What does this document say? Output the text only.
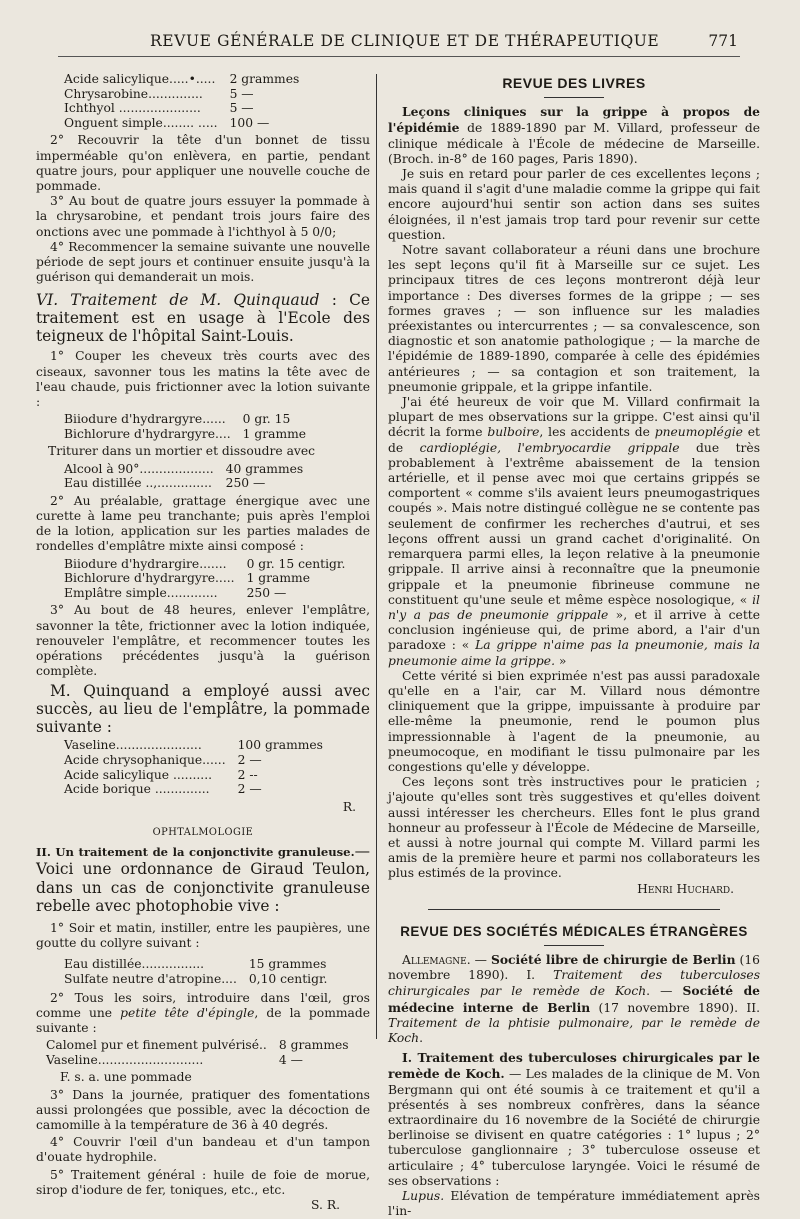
REVUE GÉNÉRALE DE CLINIQUE ET DE THÉRAPEUTIQUE	771
Acide salicylique.....•.....	2 grammes
Chrysarobine..............	5 —
Ichthyol .....................	5 —
Onguent simple........ .....	100 —

2° Recouvrir la tête d'un bonnet de tissu imperméable qu'on enlèvera, en partie, pendant quatre jours, pour appliquer une nouvelle couche de pommade.

3° Au bout de quatre jours essuyer la pommade à la chrysarobine, et pendant trois jours faire des onctions avec une pommade à l'ichthyol à 5 0/0;

4° Recommencer la semaine suivante une nouvelle période de sept jours et continuer ensuite jusqu'à la guérison qui demanderait un mois.

VI. Traitement de M. Quinquaud : Ce traitement est en usage à l'Ecole des teigneux de l'hôpital Saint-Louis.

1° Couper les cheveux très courts avec des ciseaux, savonner tous les matins la tête avec de l'eau chaude, puis frictionner avec la lotion suivante :

Biiodure d'hydrargyre......	0 gr. 15
Bichlorure d'hydrargyre....	1 gramme

Triturer dans un mortier et dissoudre avec

Alcool à 90°...................	40 grammes
Eau distillée ..,..............	250 —

2° Au préalable, grattage énergique avec une curette à lame peu tranchante; puis après l'emploi de la lotion, application sur les parties malades de rondelles d'emplâtre mixte ainsi composé :

Biiodure d'hydrargire.......	0 gr. 15 centigr.
Bichlorure d'hydrargyre.....	1 gramme
Emplâtre simple.............	250 —

3° Au bout de 48 heures, enlever l'emplâtre, savonner la tête, frictionner avec la lotion indiquée, renouveler l'emplâtre, et recommencer toutes les opérations précédentes jusqu'à la guérison complète.

M. Quinquand a employé aussi avec succès, au lieu de l'emplâtre, la pommade suivante :

Vaseline......................	100 grammes
Acide chrysophanique......	2 —
Acide salicylique ..........	2 --
Acide borique ..............	2 —

R.

OPHTALMOLOGIE

II. Un traitement de la conjonctivite granuleuse.—Voici une ordonnance de Giraud Teulon, dans un cas de conjonctivite granuleuse rebelle avec photophobie vive :

1° Soir et matin, instiller, entre les paupières, une goutte du collyre suivant :

Eau distillée................	15 grammes
Sulfate neutre d'atropine....	0,10 centigr.

2° Tous les soirs, introduire dans l'œil, gros comme une petite tête d'épingle, de la pommade suivante :

Calomel pur et finement pulvérisé..	8 grammes
Vaseline...........................	4 —

F. s. a. une pommade

3° Dans la journée, pratiquer des fomentations aussi prolongées que possible, avec la décoction de camomille à la température de 36 à 40 degrés.

4° Couvrir l'œil d'un bandeau et d'un tampon d'ouate hydrophile.

5° Traitement général : huile de foie de morue, sirop d'iodure de fer, toniques, etc., etc.

S. R.

REVUE DES LIVRES

Leçons cliniques sur la grippe à propos de l'épidémie de 1889-1890 par M. Villard, professeur de clinique médicale à l'École de médecine de Marseille. (Broch. in-8° de 160 pages, Paris 1890).

Je suis en retard pour parler de ces excellentes leçons ; mais quand il s'agit d'une maladie comme la grippe qui fait encore aujourd'hui sentir son action dans ses suites éloignées, il n'est jamais trop tard pour revenir sur cette question.

Notre savant collaborateur a réuni dans une brochure les sept leçons qu'il fit à Marseille sur ce sujet. Les principaux titres de ces leçons montreront déjà leur importance : Des diverses formes de la grippe ; — ses formes graves ; — son influence sur les maladies préexistantes ou intercurrentes ; — sa convalescence, son diagnostic et son anatomie pathologique ; — la marche de l'épidémie de 1889-1890, comparée à celle des épidémies antérieures ; — sa contagion et son traitement, la pneumonie grippale, et la grippe infantile.

J'ai été heureux de voir que M. Villard confirmait la plupart de mes observations sur la grippe. C'est ainsi qu'il décrit la forme bulboire, les accidents de pneumoplégie et de cardioplégie, l'embryocardie grippale due très probablement à l'extrême abaissement de la tension artérielle, et il pense avec moi que certains grippés se comportent « comme s'ils avaient leurs pneumogastriques coupés ». Mais notre distingué collègue ne se contente pas seulement de confirmer les recherches d'autrui, et ses leçons offrent aussi un grand cachet d'originalité. On remarquera parmi elles, la leçon relative à la pneumonie grippale. Il arrive ainsi à reconnaître que la pneumonie grippale et la pneumonie fibrineuse commune ne constituent qu'une seule et même espèce nosologique, « il n'y a pas de pneumonie grippale », et il arrive à cette conclusion ingénieuse qui, de prime abord, a l'air d'un paradoxe : « La grippe n'aime pas la pneumonie, mais la pneumonie aime la grippe. »

Cette vérité si bien exprimée n'est pas aussi paradoxale qu'elle en a l'air, car M. Villard nous démontre cliniquement que la grippe, impuissante à produire par elle-même la pneumonie, rend le poumon plus impressionnable à l'agent de la pneumonie, au pneumocoque, en modifiant le tissu pulmonaire par les congestions qu'elle y développe.

Ces leçons sont très instructives pour le praticien ; j'ajoute qu'elles sont très suggestives et qu'elles doivent aussi intéresser les chercheurs. Elles font le plus grand honneur au professeur à l'École de Médecine de Marseille, et aussi à notre journal qui compte M. Villard parmi les amis de la première heure et parmi nos collaborateurs les plus estimés de la province.

Henri Huchard.

REVUE DES SOCIÉTÉS MÉDICALES ÉTRANGÈRES

Allemagne. — Société libre de chirurgie de Berlin (16 novembre 1890). I. Traitement des tuberculoses chirurgicales par le remède de Koch. — Société de médecine interne de Berlin (17 novembre 1890). II. Traitement de la phtisie pulmonaire, par le remède de Koch.

I. Traitement des tuberculoses chirurgicales par le remède de Koch. — Les malades de la clinique de M. Von Bergmann qui ont été soumis à ce traitement et qu'il a présentés à ses nombreux confrères, dans la séance extraordinaire du 16 novembre de la Société de chirurgie berlinoise se divisent en quatre catégories : 1° lupus ; 2° tuberculose ganglionnaire ; 3° tuberculose osseuse et articulaire ; 4° tuberculose laryngée. Voici le résumé de ses observations :

Lupus. Elévation de température immédiatement après l'in-
